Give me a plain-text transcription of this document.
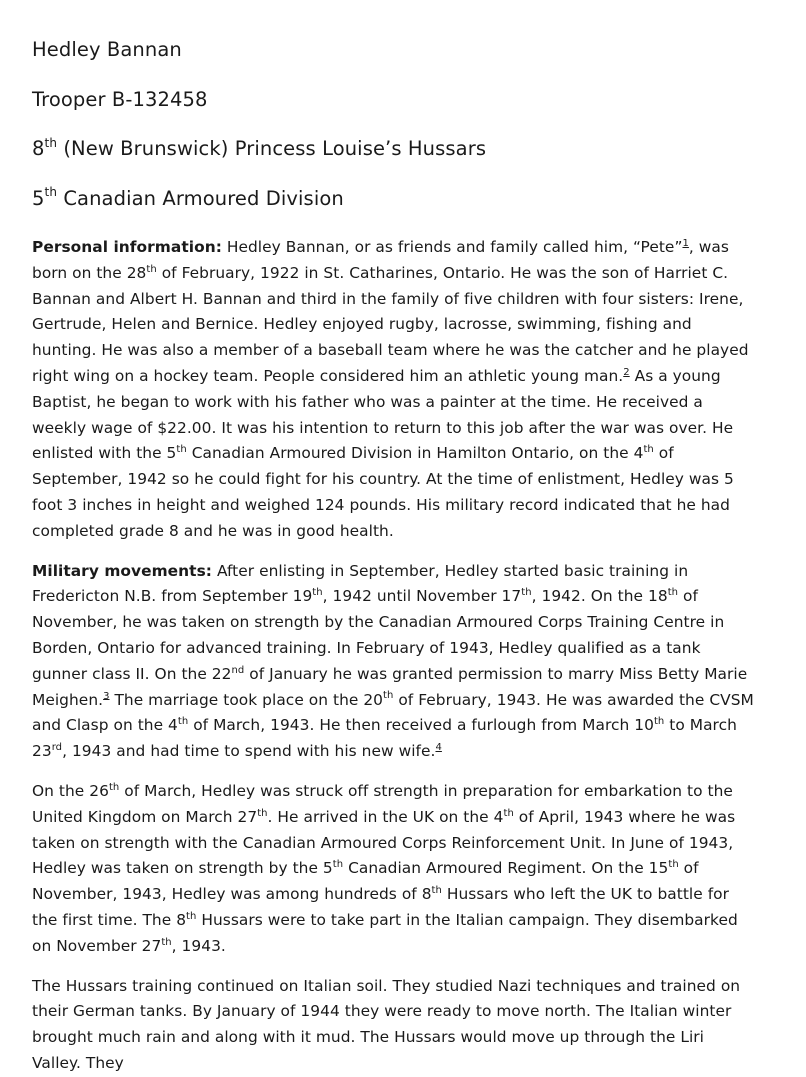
Hedley Bannan
Trooper B-132458
8th (New Brunswick) Princess Louise’s Hussars
5th Canadian Armoured Division

Personal information: Hedley Bannan, or as friends and family called him, “Pete”$^1$, was born on the 28th of February, 1922 in St. Catharines, Ontario. He was the son of Harriet C. Bannan and Albert H. Bannan and third in the family of five children with four sisters: Irene, Gertrude, Helen and Bernice. Hedley enjoyed rugby, lacrosse, swimming, fishing and hunting. He was also a member of a baseball team where he was the catcher and he played right wing on a hockey team. People considered him an athletic young man.$^2$ As a young Baptist, he began to work with his father who was a painter at the time. He received a weekly wage of $22.00. It was his intention to return to this job after the war was over. He enlisted with the 5th Canadian Armoured Division in Hamilton Ontario, on the 4th of September, 1942 so he could fight for his country. At the time of enlistment, Hedley was 5 foot 3 inches in height and weighed 124 pounds. His military record indicated that he had completed grade 8 and he was in good health.

Military movements: After enlisting in September, Hedley started basic training in Fredericton N.B. from September 19th, 1942 until November 17th, 1942. On the 18th of November, he was taken on strength by the Canadian Armoured Corps Training Centre in Borden, Ontario for advanced training. In February of 1943, Hedley qualified as a tank gunner class II. On the 22nd of January he was granted permission to marry Miss Betty Marie Meighen.$^3$ The marriage took place on the 20th of February, 1943. He was awarded the CVSM and Clasp on the 4th of March, 1943. He then received a furlough from March 10th to March 23rd, 1943 and had time to spend with his new wife.$^4$

On the 26th of March, Hedley was struck off strength in preparation for embarkation to the United Kingdom on March 27th. He arrived in the UK on the 4th of April, 1943 where he was taken on strength with the Canadian Armoured Corps Reinforcement Unit. In June of 1943, Hedley was taken on strength by the 5th Canadian Armoured Regiment. On the 15th of November, 1943, Hedley was among hundreds of 8th Hussars who left the UK to battle for the first time. The 8th Hussars were to take part in the Italian campaign. They disembarked on November 27th, 1943.

The Hussars training continued on Italian soil. They studied Nazi techniques and trained on their German tanks. By January of 1944 they were ready to move north. The Italian winter brought much rain and along with it mud. The Hussars would move up through the Liri Valley. They
